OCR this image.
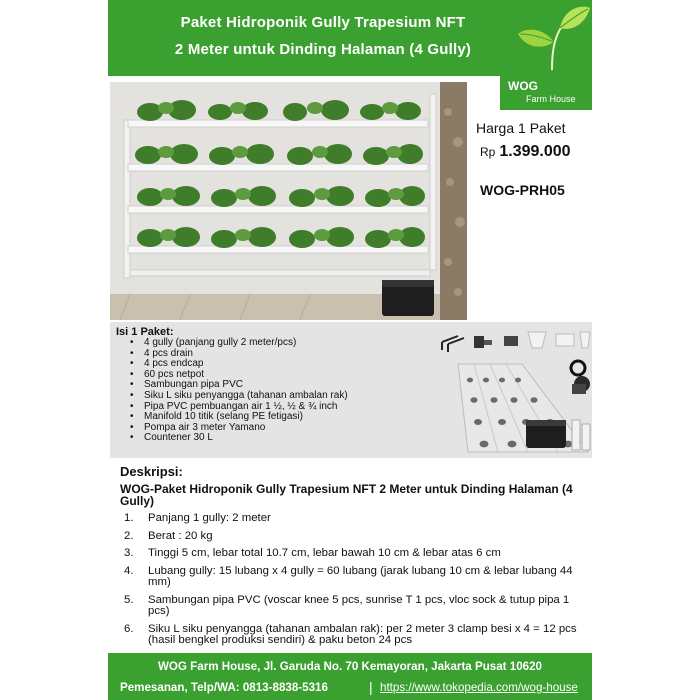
Paket Hidroponik Gully Trapesium NFT
2 Meter untuk Dinding Halaman (4 Gully)
WOG
Farm House
Harga 1 Paket
Rp 1.399.000
WOG-PRH05
Isi 1 Paket:
• 4 gully (panjang gully 2 meter/pcs)
• 4 pcs drain
• 4 pcs endcap
• 60 pcs netpot
• Sambungan pipa PVC
• Siku L siku penyangga (tahanan ambalan rak)
• Pipa PVC pembuangan air 1 ½, ½ & ¾ inch
• Manifold 10 titik (selang PE fetigasi)
• Pompa air 3 meter Yamano
• Countener 30 L
Deskripsi:
WOG-Paket Hidroponik Gully Trapesium NFT 2 Meter untuk Dinding Halaman (4 Gully)
1. Panjang 1 gully: 2 meter
2. Berat : 20 kg
3. Tinggi 5 cm, lebar total 10.7 cm, lebar bawah 10 cm & lebar atas 6 cm
4. Lubang gully: 15 lubang x 4 gully = 60 lubang (jarak lubang 10 cm & lebar lubang 44 mm)
5. Sambungan pipa PVC (voscar knee 5 pcs, sunrise T 1 pcs, vloc sock & tutup pipa 1 pcs)
6. Siku L siku penyangga (tahanan ambalan rak): per 2 meter 3 clamp besi x 4 = 12 pcs (hasil bengkel produksi sendiri) & paku beton 24 pcs
WOG Farm House, Jl. Garuda No. 70 Kemayoran, Jakarta Pusat 10620
Pemesanan, Telp/WA: 0813-8838-5316	| https://www.tokopedia.com/wog-house
